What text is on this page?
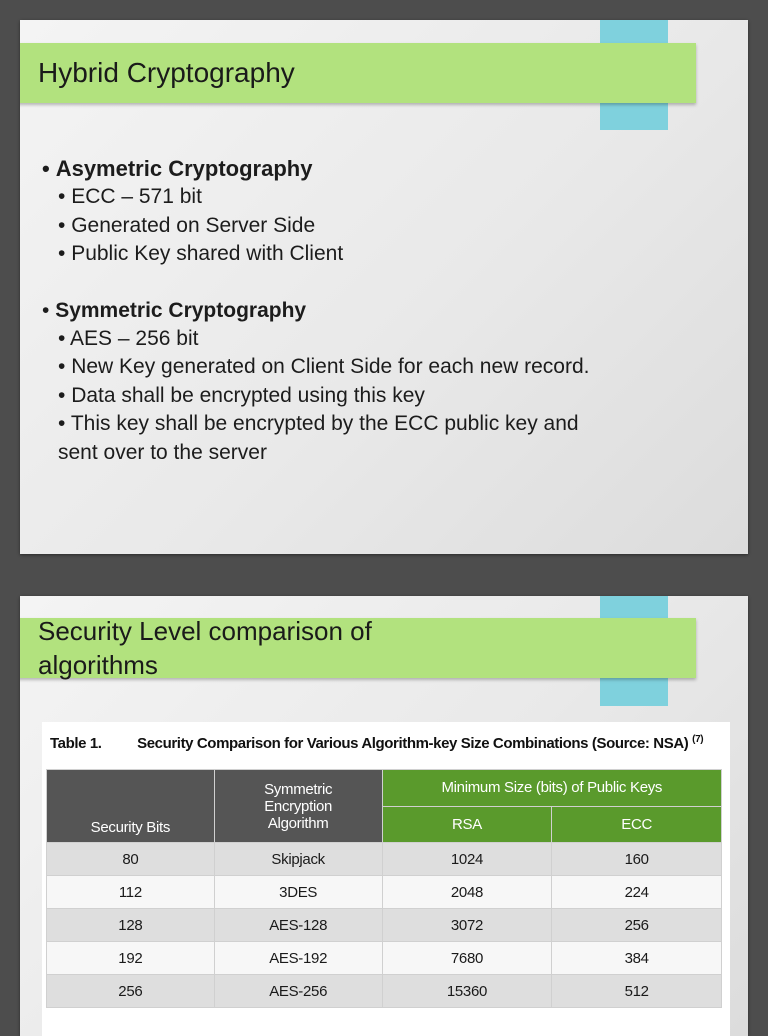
Hybrid Cryptography
• Asymetric Cryptography
• ECC – 571 bit
• Generated on Server Side
• Public Key shared with Client
• Symmetric Cryptography
• AES – 256 bit
• New Key generated on Client Side for each new record.
• Data shall be encrypted using this key
• This key shall be encrypted by the ECC public key and
sent over to the server
Security Level comparison of
algorithms
Table 1. Security Comparison for Various Algorithm-key Size Combinations (Source: NSA) $^{(7)}$
Security Bits	Symmetric Encryption Algorithm	Minimum Size (bits) of Public Keys	
		RSA	ECC
80	Skipjack	1024	160
112	3DES	2048	224
128	AES-128	3072	256
192	AES-192	7680	384
256	AES-256	15360	512
